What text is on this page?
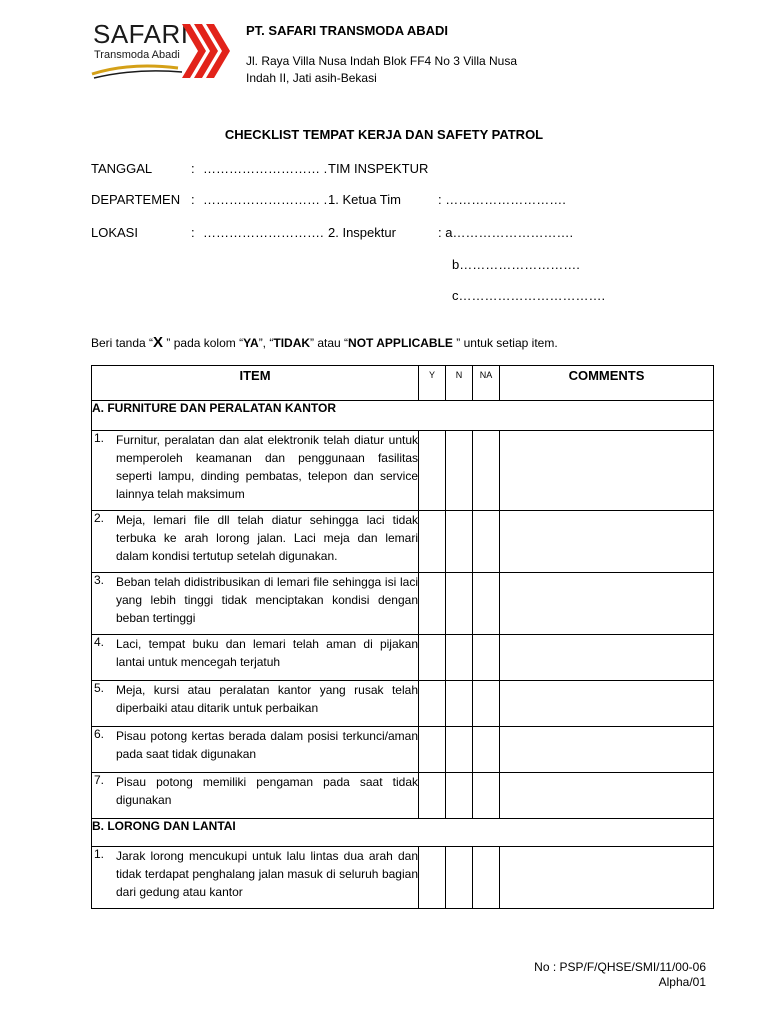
SAFARI
Transmoda Abadi
PT. SAFARI TRANSMODA ABADI
Jl. Raya Villa Nusa Indah Blok FF4 No 3 Villa Nusa
Indah II, Jati asih-Bekasi
CHECKLIST TEMPAT KERJA DAN SAFETY PATROL
TANGGAL	: ……………………… . TIM INSPEKTUR
DEPARTEMEN : ……………………… . 1. Ketua Tim	: ……………………….
LOKASI	: ………………………. 2. Inspektur	: a……………………….
b……………………….
c…………………………….
Beri tanda “X ” pada kolom “YA”, “TIDAK” atau “NOT APPLICABLE ” untuk setiap item.
ITEM	Y	N	NA	COMMENTS
A. FURNITURE DAN PERALATAN KANTOR				

1. Furnitur, peralatan dan alat elektronik telah diatur untuk memperoleh keamanan dan penggunaan fasilitas seperti lampu, dinding pembatas, telepon dan service lainnya telah maksimum				

2. Meja, lemari file dll telah diatur sehingga laci tidak terbuka ke arah lorong jalan. Laci meja dan lemari dalam kondisi tertutup setelah digunakan.				

3. Beban telah didistribusikan di lemari file sehingga isi laci yang lebih tinggi tidak menciptakan kondisi dengan beban tertinggi				

4. Laci, tempat buku dan lemari telah aman di pijakan lantai untuk mencegah terjatuh				

5. Meja, kursi atau peralatan kantor yang rusak telah diperbaiki atau ditarik untuk perbaikan				

6. Pisau potong kertas berada dalam posisi terkunci/aman pada saat tidak digunakan				

7. Pisau potong memiliki pengaman pada saat tidak digunakan				

B. LORONG DAN LANTAI				

1. Jarak lorong mencukupi untuk lalu lintas dua arah dan tidak terdapat penghalang jalan masuk di seluruh bagian dari gedung atau kantor				

No : PSP/F/QHSE/SMI/11/00-06
Alpha/01
